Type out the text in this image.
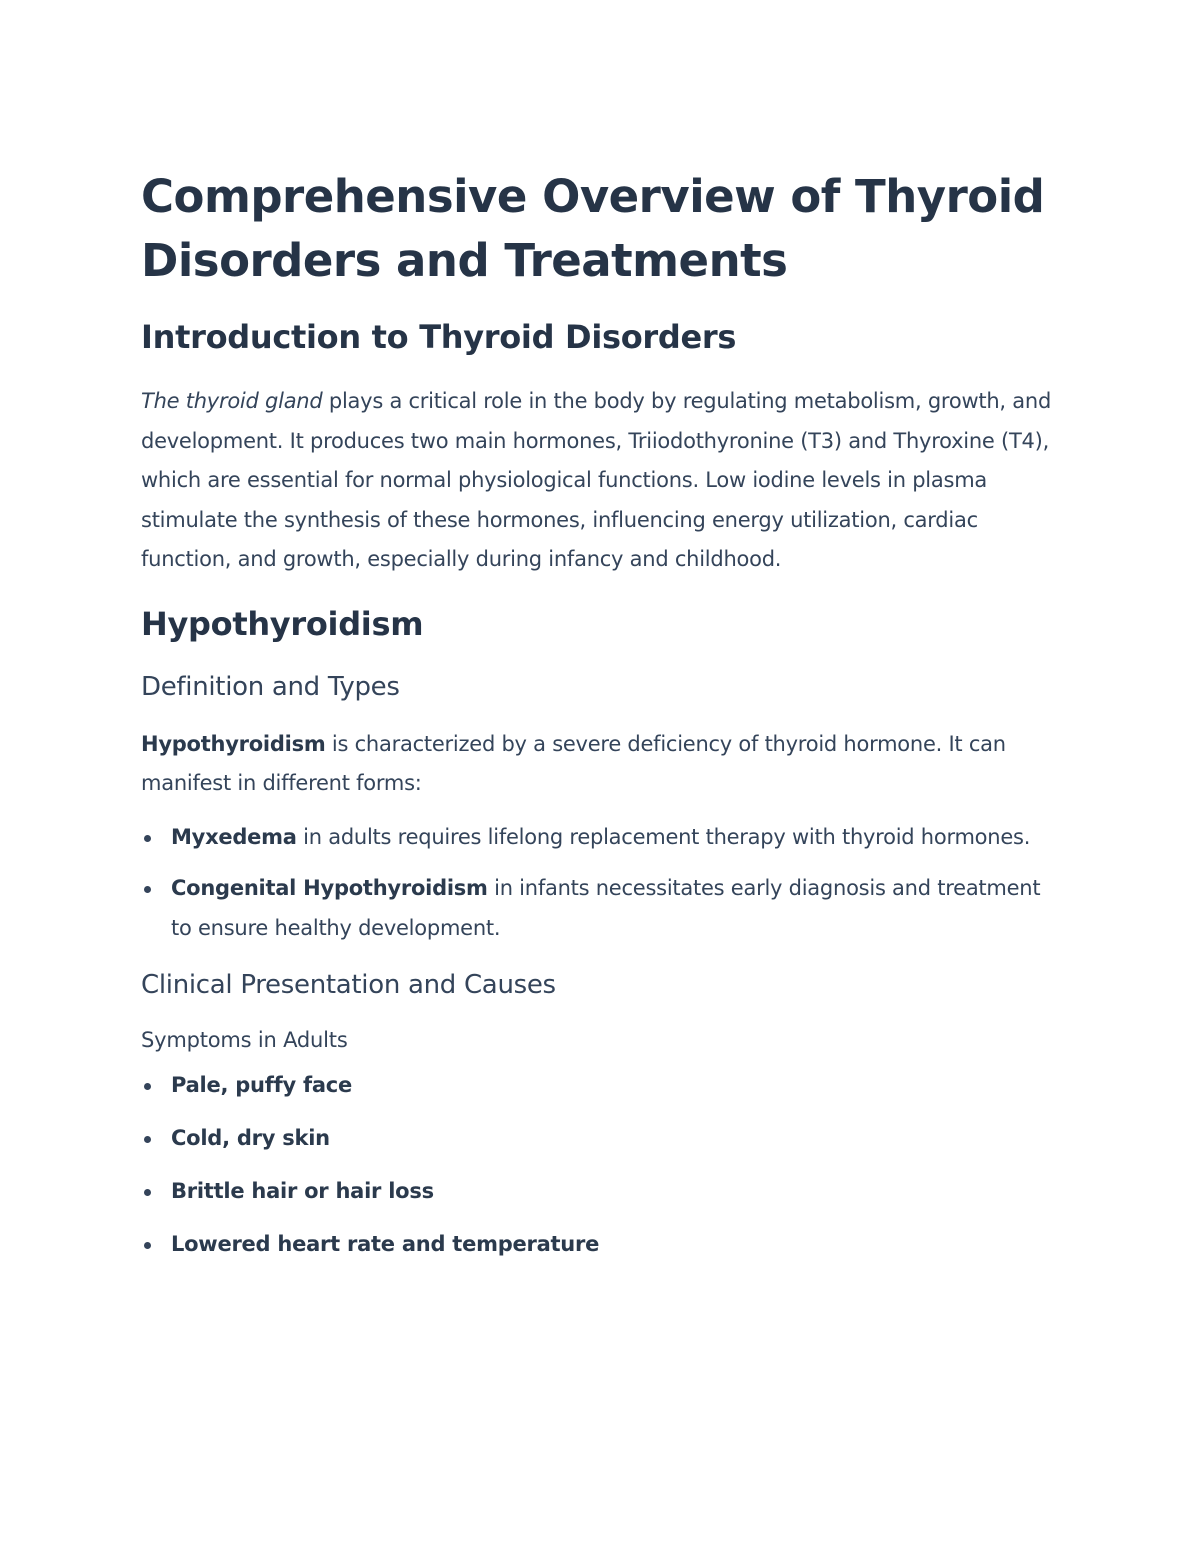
Comprehensive Overview of Thyroid Disorders and Treatments
Introduction to Thyroid Disorders

The thyroid gland plays a critical role in the body by regulating metabolism, growth, and development. It produces two main hormones, Triiodothyronine (T3) and Thyroxine (T4), which are essential for normal physiological functions. Low iodine levels in plasma stimulate the synthesis of these hormones, influencing energy utilization, cardiac function, and growth, especially during infancy and childhood.

Hypothyroidism
Definition and Types

Hypothyroidism is characterized by a severe deficiency of thyroid hormone. It can manifest in different forms:

Myxedema in adults requires lifelong replacement therapy with thyroid hormones.
Congenital Hypothyroidism in infants necessitates early diagnosis and treatment to ensure healthy development.
Clinical Presentation and Causes
Symptoms in Adults
Pale, puffy face
Cold, dry skin
Brittle hair or hair loss
Lowered heart rate and temperature
